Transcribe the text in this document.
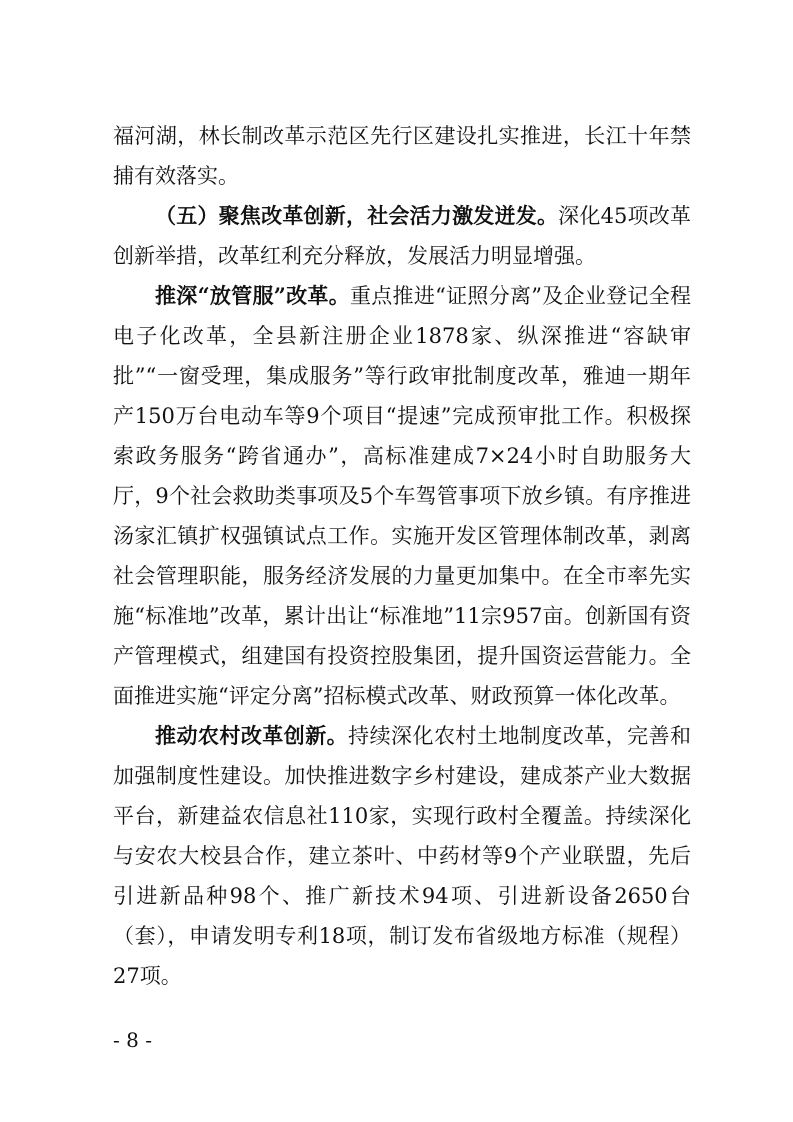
福河湖，林长制改革示范区先行区建设扎实推进，长江十年禁捕有效落实。

（五）聚焦改革创新，社会活力激发迸发。深化45项改革创新举措，改革红利充分释放，发展活力明显增强。

推深“放管服”改革。重点推进“证照分离”及企业登记全程电子化改革，全县新注册企业1878家、纵深推进“容缺审批”“一窗受理，集成服务”等行政审批制度改革，雅迪一期年产150万台电动车等9个项目“提速”完成预审批工作。积极探索政务服务“跨省通办”，高标准建成7×24小时自助服务大厅，9个社会救助类事项及5个车驾管事项下放乡镇。有序推进汤家汇镇扩权强镇试点工作。实施开发区管理体制改革，剥离社会管理职能，服务经济发展的力量更加集中。在全市率先实施“标准地”改革，累计出让“标准地”11宗957亩。创新国有资产管理模式，组建国有投资控股集团，提升国资运营能力。全面推进实施“评定分离”招标模式改革、财政预算一体化改革。

推动农村改革创新。持续深化农村土地制度改革，完善和加强制度性建设。加快推进数字乡村建设，建成茶产业大数据平台，新建益农信息社110家，实现行政村全覆盖。持续深化与安农大校县合作，建立茶叶、中药材等9个产业联盟，先后引进新品种98个、推广新技术94项、引进新设备2650台（套），申请发明专利18项，制订发布省级地方标准（规程）27项。

- 8 -
